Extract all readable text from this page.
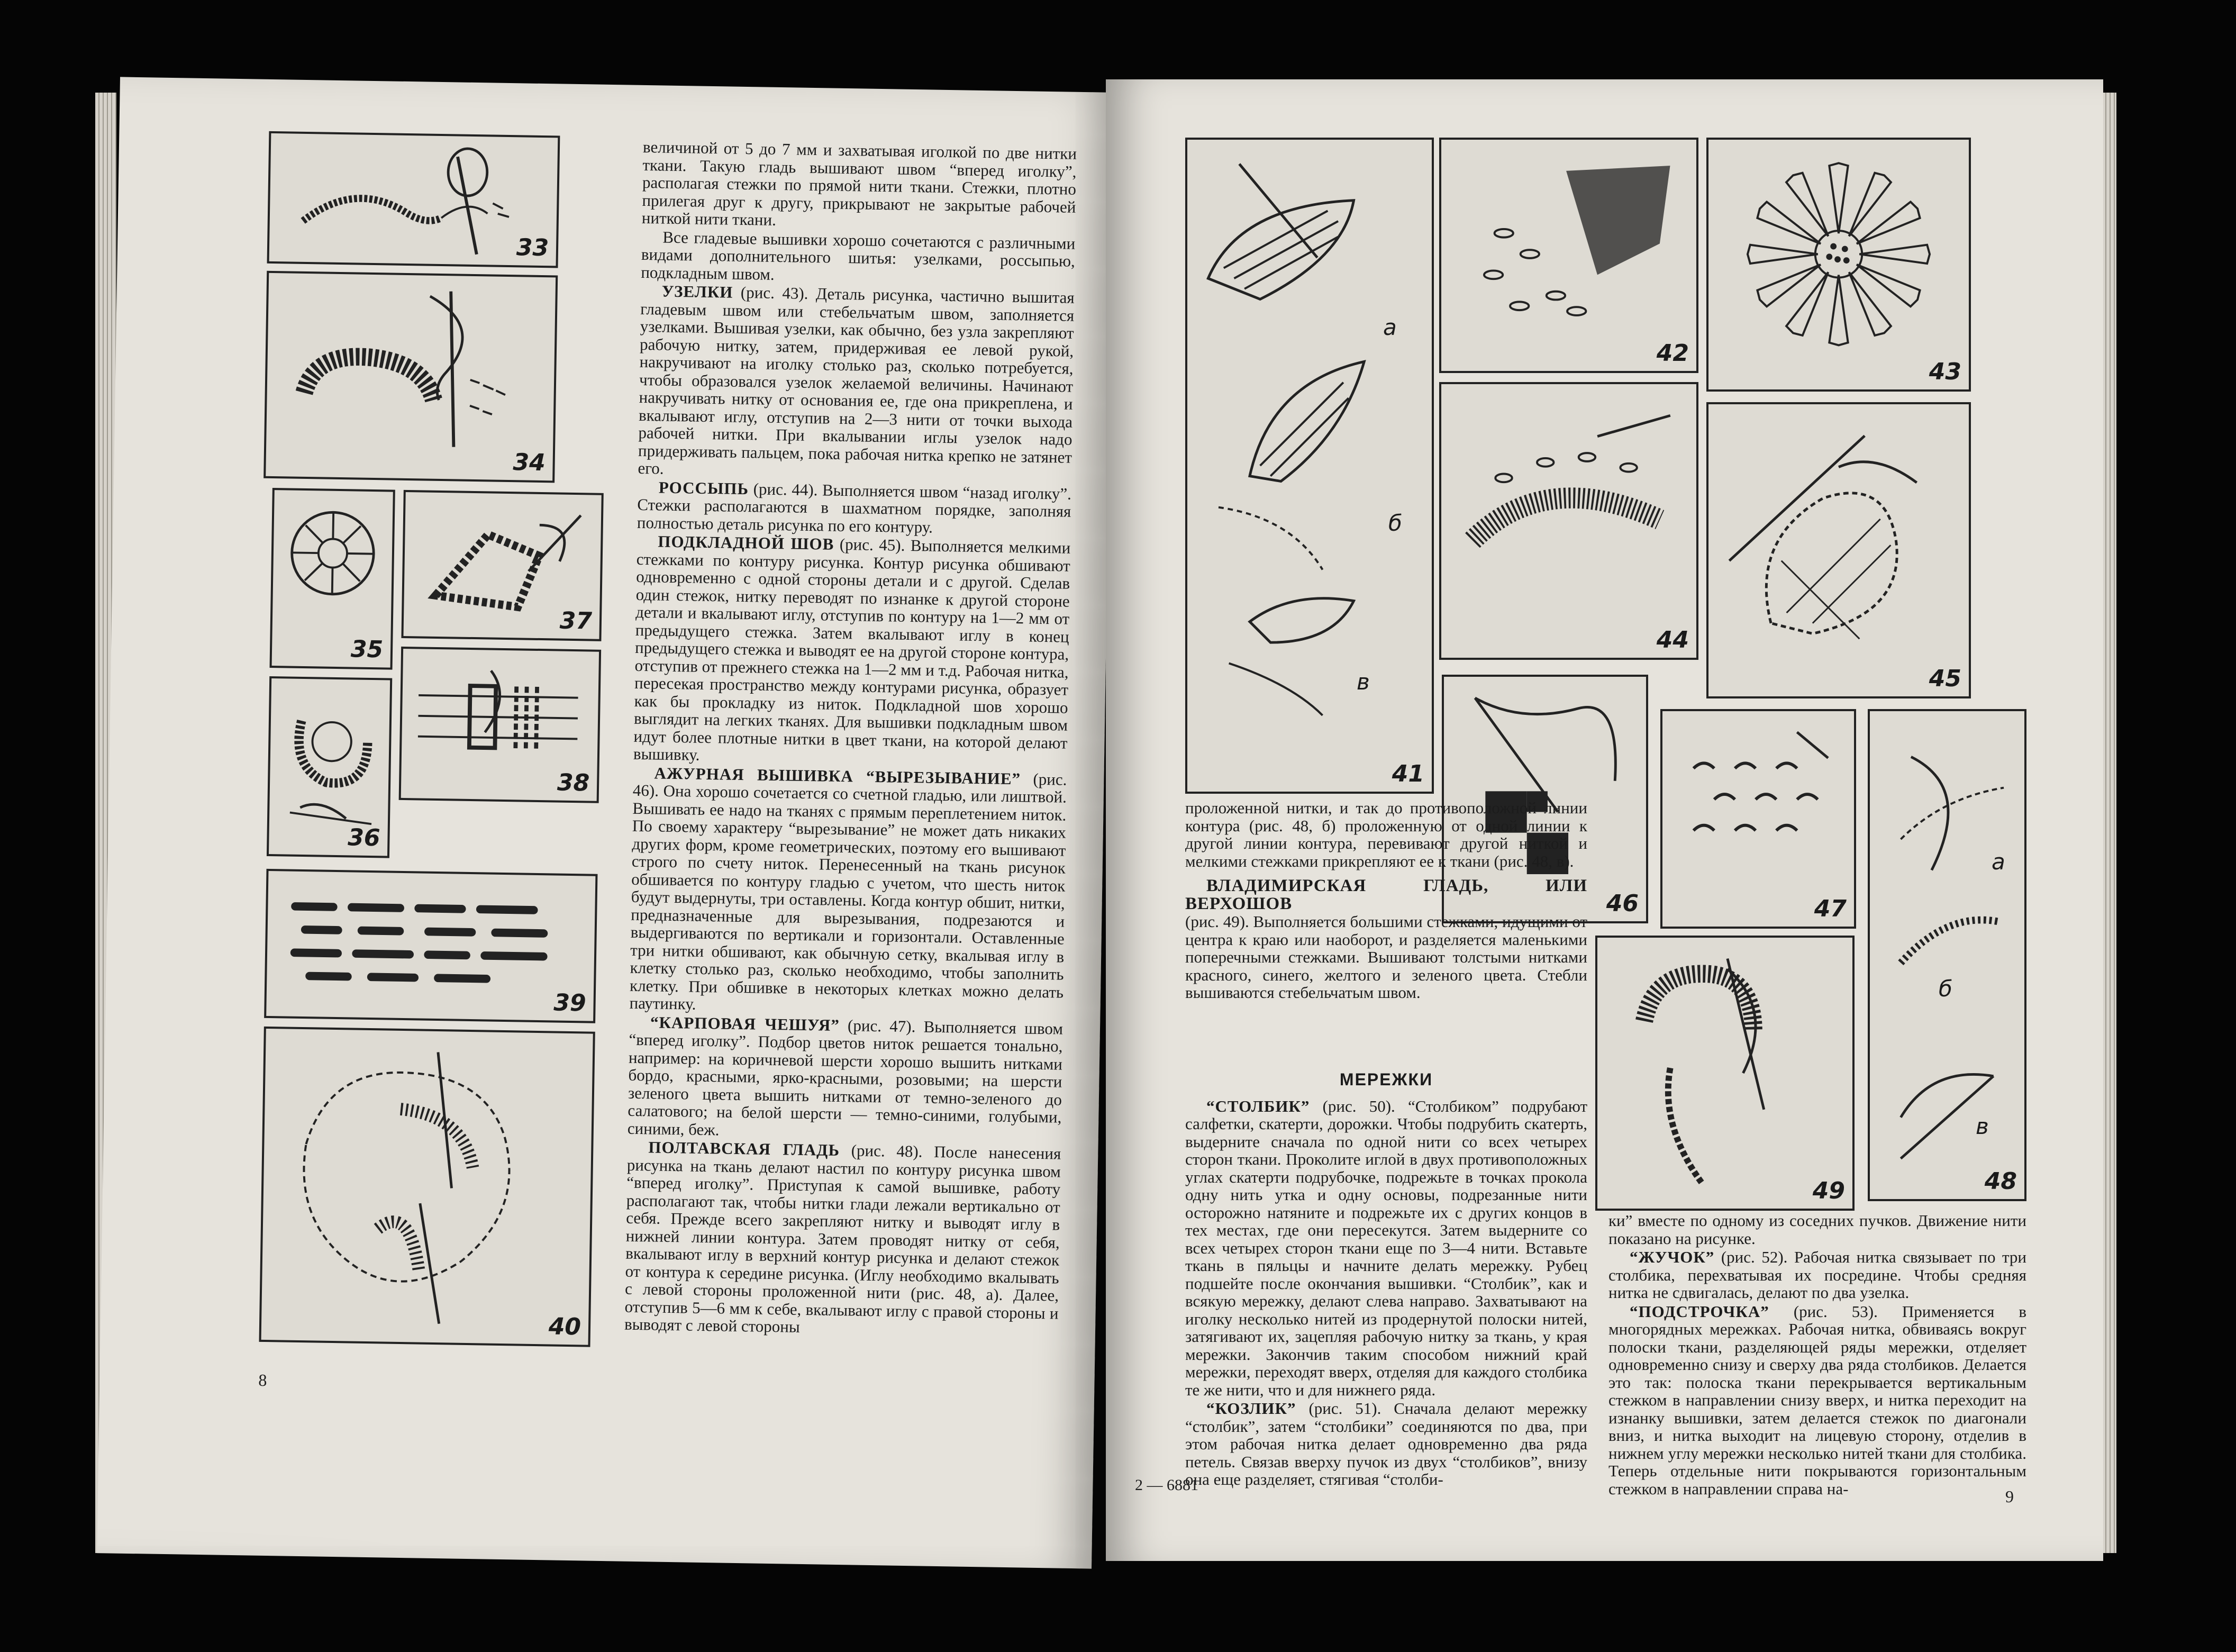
33
34
35
37
38
36
39
40
8

величиной от 5 до 7 мм и захватывая иголкой по две нитки ткани. Такую гладь вышивают швом “вперед иголку”, располагая стежки по прямой нити ткани. Стежки, плотно прилегая друг к другу, прикрывают не закрытые рабочей ниткой нити ткани.

Все гладевые вышивки хорошо сочетаются с различными видами дополнительного шитья: узелками, россыпью, подкладным швом.

УЗЕЛКИ (рис. 43). Деталь рисунка, частично вышитая гладевым швом или стебельчатым швом, заполняется узелками. Вышивая узелки, как обычно, без узла закрепляют рабочую нитку, затем, придерживая ее левой рукой, накручивают на иголку столько раз, сколько потребуется, чтобы образовался узелок желаемой величины. Начинают накручивать нитку от основания ее, где она прикреплена, и вкалывают иглу, отступив на 2—3 нити от точки выхода рабочей нитки. При вкалывании иглы узелок надо придерживать пальцем, пока рабочая нитка крепко не затянет его.

РОССЫПЬ (рис. 44). Выполняется швом “назад иголку”. Стежки располагаются в шахматном порядке, заполняя полностью деталь рисунка по его контуру.

ПОДКЛАДНОЙ ШОВ (рис. 45). Выполняется мелкими стежками по контуру рисунка. Контур рисунка обшивают одновременно с одной стороны детали и с другой. Сделав один стежок, нитку переводят по изнанке к другой стороне детали и вкалывают иглу, отступив по контуру на 1—2 мм от предыдущего стежка. Затем вкалывают иглу в конец предыдущего стежка и выводят ее на другой стороне контура, отступив от прежнего стежка на 1—2 мм и т.д. Рабочая нитка, пересекая пространство между контурами рисунка, образует как бы прокладку из ниток. Подкладной шов хорошо выглядит на легких тканях. Для вышивки подкладным швом идут более плотные нитки в цвет ткани, на которой делают вышивку.

АЖУРНАЯ ВЫШИВКА “ВЫРЕЗЫВАНИЕ” (рис. 46). Она хорошо сочетается со счетной гладью, или лиштвой. Вышивать ее надо на тканях с прямым переплетением ниток. По своему характеру “вырезывание” не может дать никаких других форм, кроме геометрических, поэтому его вышивают строго по счету ниток. Перенесенный на ткань рисунок обшивается по контуру гладью с учетом, что шесть ниток будут выдернуты, три оставлены. Когда контур обшит, нитки, предназначенные для вырезывания, подрезаются и выдергиваются по вертикали и горизонтали. Оставленные три нитки обшивают, как обычную сетку, вкалывая иглу в клетку столько раз, сколько необходимо, чтобы заполнить клетку. При обшивке в некоторых клетках можно делать паутинку.

“КАРПОВАЯ ЧЕШУЯ” (рис. 47). Выполняется швом “вперед иголку”. Подбор цветов ниток решается тонально, например: на коричневой шерсти хорошо вышить нитками бордо, красными, ярко-красными, розовыми; на шерсти зеленого цвета вышить нитками от темно-зеленого до салатового; на белой шерсти — темно-синими, голубыми, синими, беж.

ПОЛТАВСКАЯ ГЛАДЬ (рис. 48). После нанесения рисунка на ткань делают настил по контуру рисунка швом “вперед иголку”. Приступая к самой вышивке, работу располагают так, чтобы нитки глади лежали вертикально от себя. Прежде всего закрепляют нитку и выводят иглу в нижней линии контура. Затем проводят нитку от себя, вкалывают иглу в верхний контур рисунка и делают стежок от контура к середине рисунка. (Иглу необходимо вкалывать с левой стороны проложенной нити (рис. 48, а). Далее, отступив 5—6 мм к себе, вкалывают иглу с правой стороны и выводят с левой стороны

а
б
в
41
42
43
44
45
46	47
а
б
в
48
49

проложенной нитки, и так до противоположной линии контура (рис. 48, б) проложенную от одной линии к другой линии контура, перевивают другой ниткой и мелкими стежками прикрепляют ее к ткани (рис. 48, в).

ВЛАДИМИРСКАЯ ГЛАДЬ, ИЛИ ВЕРХОШОВ

(рис. 49). Выполняется большими стежками, идущими от центра к краю или наоборот, и разделяется маленькими поперечными стежками. Вышивают толстыми нитками красного, синего, желтого и зеленого цвета. Стебли вышиваются стебельчатым швом.

МЕРЕЖКИ

“СТОЛБИК” (рис. 50). “Столбиком” подрубают салфетки, скатерти, дорожки. Чтобы подрубить скатерть, выдерните сначала по одной нити со всех четырех сторон ткани. Проколите иглой в двух противоположных углах скатерти подрубочке, подрежьте в точках прокола одну нить утка и одну основы, подрезанные нити осторожно натяните и подрежьте их с других концов в тех местах, где они пересекутся. Затем выдерните со всех четырех сторон ткани еще по 3—4 нити. Вставьте ткань в пяльцы и начните делать мережку. Рубец подшейте после окончания вышивки. “Столбик”, как и всякую мережку, делают слева направо. Захватывают на иголку несколько нитей из продернутой полоски нитей, затягивают их, зацепляя рабочую нитку за ткань, у края мережки. Закончив таким способом нижний край мережки, переходят вверх, отделяя для каждого столбика те же нити, что и для нижнего ряда.

“КОЗЛИК” (рис. 51). Сначала делают мережку “столбик”, затем “столбики” соединяются по два, при этом рабочая нитка делает одновременно два ряда петель. Связав вверху пучок из двух “столбиков”, внизу она еще разделяет, стягивая “столби-

ки” вместе по одному из соседних пучков. Движение нити показано на рисунке.

“ЖУЧОК” (рис. 52). Рабочая нитка связывает по три столбика, перехватывая их посредине. Чтобы средняя нитка не сдвигалась, делают по два узелка.

“ПОДСТРОЧКА” (рис. 53). Применяется в многорядных мережках. Рабочая нитка, обвиваясь вокруг полоски ткани, разделяющей ряды мережки, отделяет одновременно снизу и сверху два ряда столбиков. Делается это так: полоска ткани перекрывается вертикальным стежком в направлении снизу вверх, и нитка переходит на изнанку вышивки, затем делается стежок по диагонали вниз, и нитка выходит на лицевую сторону, отделив в нижнем углу мережки несколько нитей ткани для столбика. Теперь отдельные нити покрываются горизонтальным стежком в направлении справа на-

2 — 6881
9
